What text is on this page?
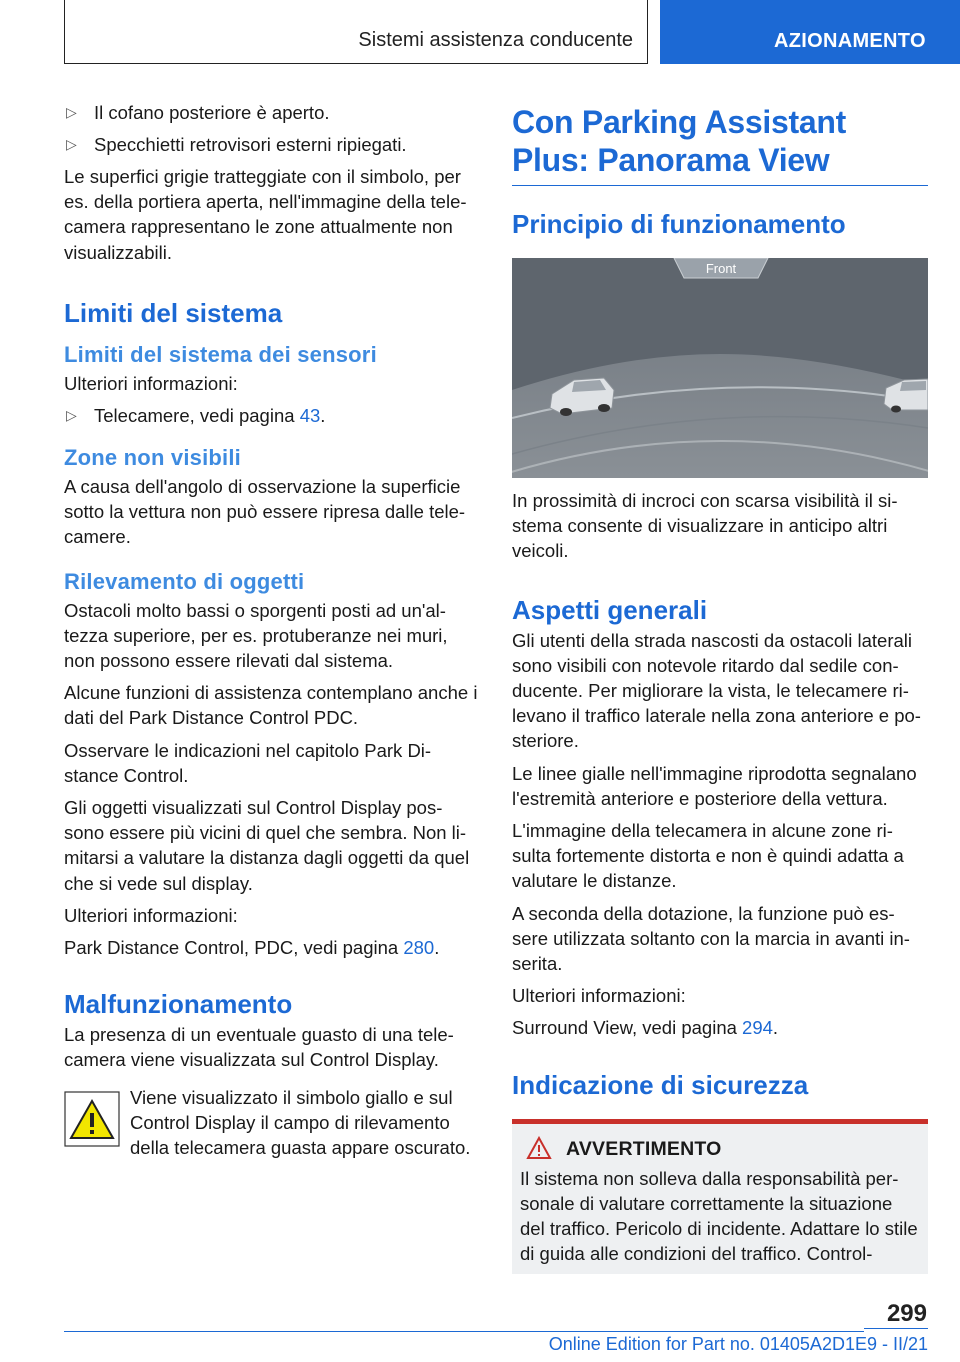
Sistemi assistenza conducente	AZIONAMENTO
▷ Il cofano posteriore è aperto.
▷ Specchietti retrovisori esterni ripiegati.

Le superfici grigie tratteggiate con il simbolo, per es. della portiera aperta, nell'immagine della tele-camera rappresentano le zone attualmente non visualizzabili.

Limiti del sistema
Limiti del sistema dei sensori

Ulteriori informazioni:

▷ Telecamere, vedi pagina 43.
Zone non visibili

A causa dell'angolo di osservazione la superficie sotto la vettura non può essere ripresa dalle tele-camere.

Rilevamento di oggetti

Ostacoli molto bassi o sporgenti posti ad un'al-tezza superiore, per es. protuberanze nei muri, non possono essere rilevati dal sistema.

Alcune funzioni di assistenza contemplano anche i dati del Park Distance Control PDC.

Osservare le indicazioni nel capitolo Park Di-stance Control.

Gli oggetti visualizzati sul Control Display pos-sono essere più vicini di quel che sembra. Non li-mitarsi a valutare la distanza dagli oggetti da quel che si vede sul display.

Ulteriori informazioni:

Park Distance Control, PDC, vedi pagina 280.

Malfunzionamento

La presenza di un eventuale guasto di una tele-camera viene visualizzata sul Control Display.

Viene visualizzato il simbolo giallo e sul Control Display il campo di rilevamento della telecamera guasta appare oscurato.

Con Parking Assistant Plus: Panorama View
Principio di funzionamento
Front

In prossimità di incroci con scarsa visibilità il si-stema consente di visualizzare in anticipo altri veicoli.

Aspetti generali

Gli utenti della strada nascosti da ostacoli laterali sono visibili con notevole ritardo dal sedile con-ducente. Per migliorare la vista, le telecamere ri-levano il traffico laterale nella zona anteriore e po-steriore.

Le linee gialle nell'immagine riprodotta segnalano l'estremità anteriore e posteriore della vettura.

L'immagine della telecamera in alcune zone ri-sulta fortemente distorta e non è quindi adatta a valutare le distanze.

A seconda della dotazione, la funzione può es-sere utilizzata soltanto con la marcia in avanti in-serita.

Ulteriori informazioni:

Surround View, vedi pagina 294.

Indicazione di sicurezza
AVVERTIMENTO

Il sistema non solleva dalla responsabilità per-sonale di valutare correttamente la situazione del traffico. Pericolo di incidente. Adattare lo stile di guida alle condizioni del traffico. Control-

299
Online Edition for Part no. 01405A2D1E9 - II/21
